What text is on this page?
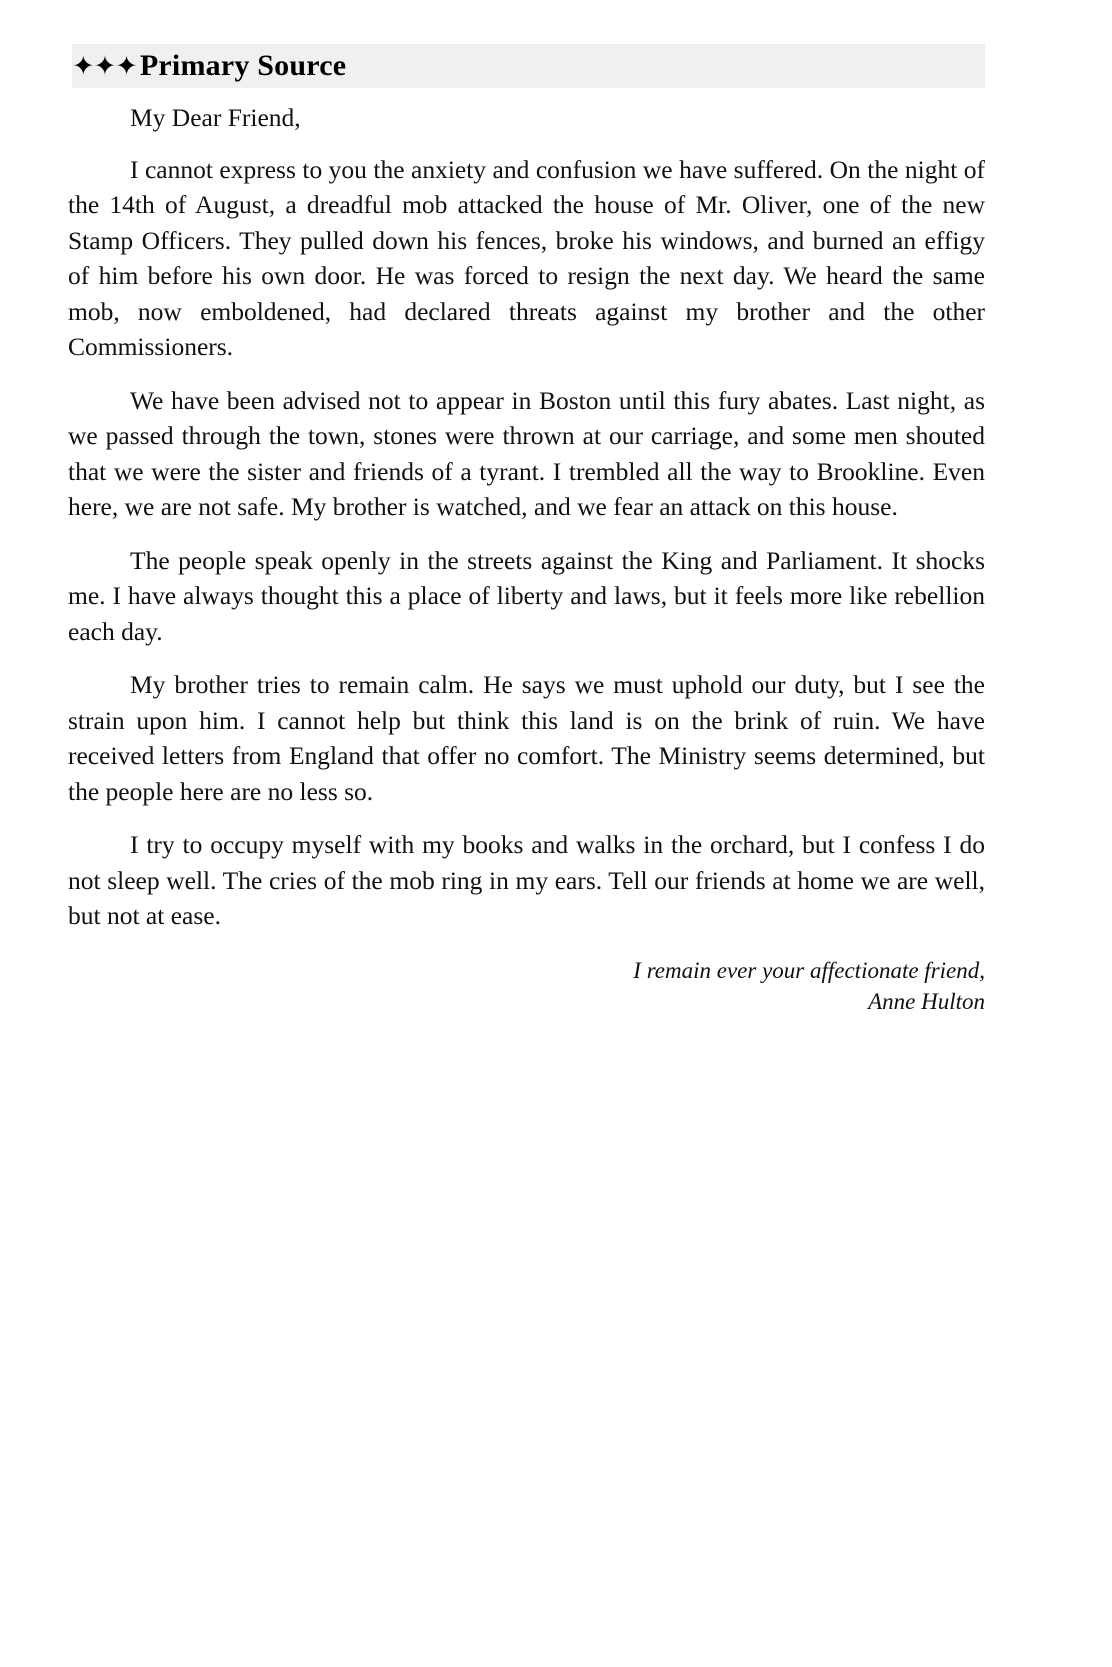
✦✦✦ Primary Source

My Dear Friend,

I cannot express to you the anxiety and confusion we have suffered. On the night of the 14th of August, a dreadful mob attacked the house of Mr. Oliver, one of the new Stamp Officers. They pulled down his fences, broke his windows, and burned an effigy of him before his own door. He was forced to resign the next day. We heard the same mob, now emboldened, had declared threats against my brother and the other Commissioners.

We have been advised not to appear in Boston until this fury abates. Last night, as we passed through the town, stones were thrown at our carriage, and some men shouted that we were the sister and friends of a tyrant. I trembled all the way to Brookline. Even here, we are not safe. My brother is watched, and we fear an attack on this house.

The people speak openly in the streets against the King and Parliament. It shocks me. I have always thought this a place of liberty and laws, but it feels more like rebellion each day.

My brother tries to remain calm. He says we must uphold our duty, but I see the strain upon him. I cannot help but think this land is on the brink of ruin. We have received letters from England that offer no comfort. The Ministry seems determined, but the people here are no less so.

I try to occupy myself with my books and walks in the orchard, but I confess I do not sleep well. The cries of the mob ring in my ears. Tell our friends at home we are well, but not at ease.

I remain ever your affectionate friend,
Anne Hulton
